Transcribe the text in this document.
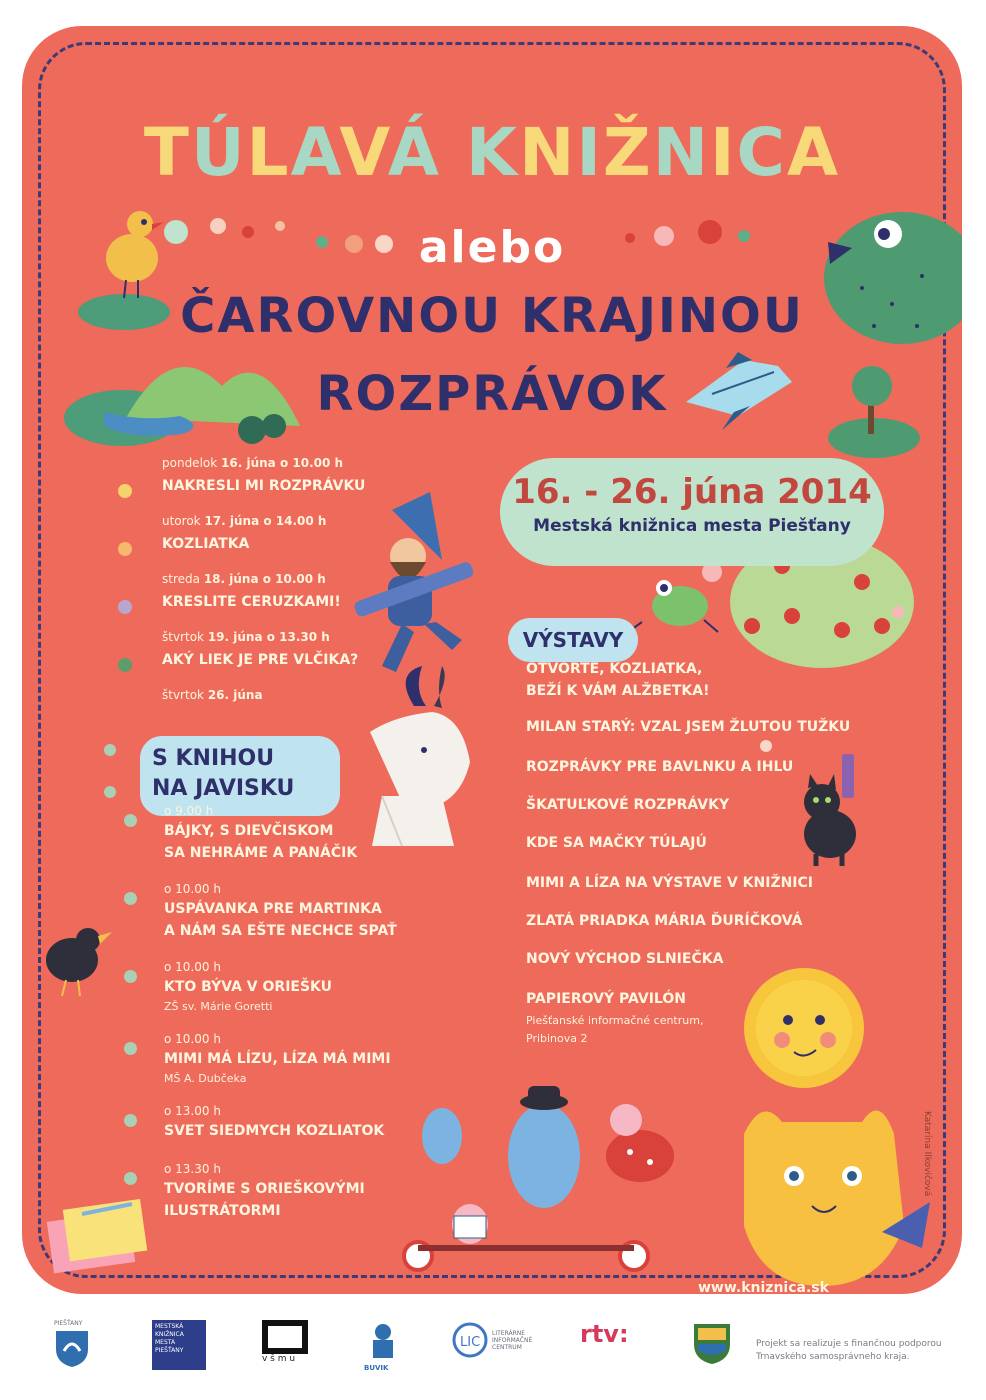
TÚLAVÁ KNIŽNICA
alebo
ČAROVNOU KRAJINOU
ROZPRÁVOK
16. - 26. júna 2014
Mestská knižnica mesta Piešťany
pondelok 16. júna o 10.00 h
NAKRESLI MI ROZPRÁVKU
utorok 17. júna o 14.00 h
KOZLIATKA
streda 18. júna o 10.00 h
KRESLITE CERUZKAMI!
štvrtok 19. júna o 13.30 h
AKÝ LIEK JE PRE VLČIKA?
štvrtok 26. júna
S KNIHOU
NA JAVISKU
o 9.00 h
BÁJKY, S DIEVČISKOM
SA NEHRÁME A PANÁČIK
o 10.00 h
USPÁVANKA PRE MARTINKA
A NÁM SA EŠTE NECHCE SPAŤ
o 10.00 h
KTO BÝVA V ORIEŠKU
ZŠ sv. Márie Goretti
o 10.00 h
MIMI MÁ LÍZU, LÍZA MÁ MIMI
MŠ A. Dubčeka
o 13.00 h
SVET SIEDMYCH KOZLIATOK
o 13.30 h
TVORÍME S ORIEŠKOVÝMI
ILUSTRÁTORMI
VÝSTAVY
OTVORTE, KOZLIATKA,
BEŽÍ K VÁM ALŽBETKA!
MILAN STARÝ: VZAL JSEM ŽLUTOU TUŽKU
ROZPRÁVKY PRE BAVLNKU A IHLU
ŠKATUĽKOVÉ ROZPRÁVKY
KDE SA MAČKY TÚLAJÚ
MIMI A LÍZA NA VÝSTAVE V KNIŽNICI
ZLATÁ PRIADKA MÁRIA ĎURÍČKOVÁ
NOVÝ VÝCHOD SLNIEČKA
PAPIEROVÝ PAVILÓN
Piešťanské informačné centrum,
Pribinova 2
www.kniznica.sk
Katarína Ilkovičová
PIEŠŤANY	MESTSKÁ KNIŽNICA MESTA PIEŠŤANY
v š m u
BUVIK
LIC
LITERÁRNE INFORMAČNÉ CENTRUM	rtv:	Projekt sa realizuje s finančnou podporou Trnavského samosprávneho kraja.
